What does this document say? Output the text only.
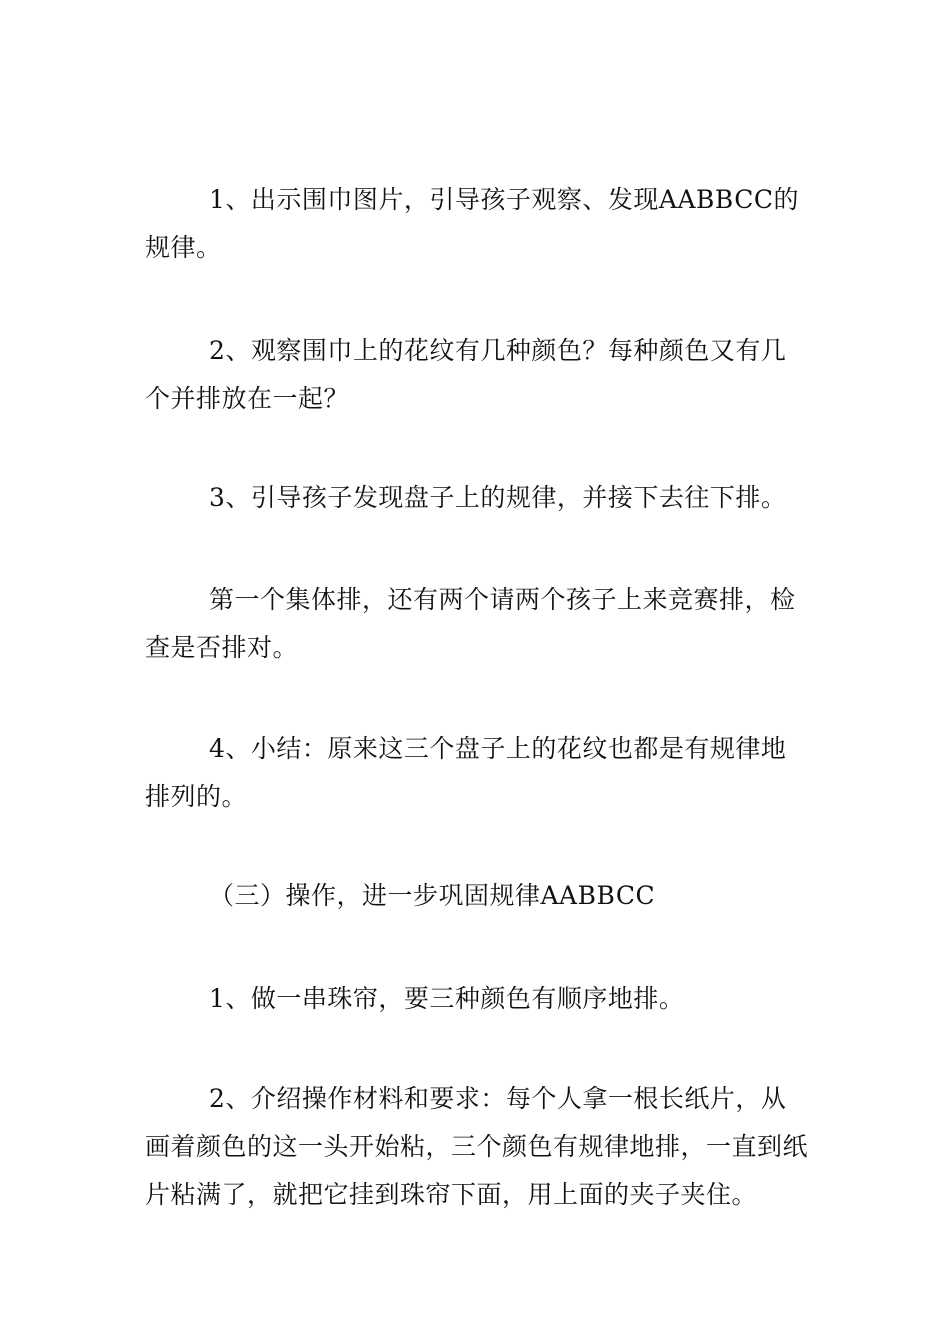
1、出示围巾图片，引导孩子观察、发现AABBCC的规律。

2、观察围巾上的花纹有几种颜色？每种颜色又有几个并排放在一起？

3、引导孩子发现盘子上的规律，并接下去往下排。

第一个集体排，还有两个请两个孩子上来竞赛排，检查是否排对。

4、小结：原来这三个盘子上的花纹也都是有规律地排列的。

（三）操作，进一步巩固规律AABBCC

1、做一串珠帘，要三种颜色有顺序地排。

2、介绍操作材料和要求：每个人拿一根长纸片，从画着颜色的这一头开始粘，三个颜色有规律地排，一直到纸片粘满了，就把它挂到珠帘下面，用上面的夹子夹住。
